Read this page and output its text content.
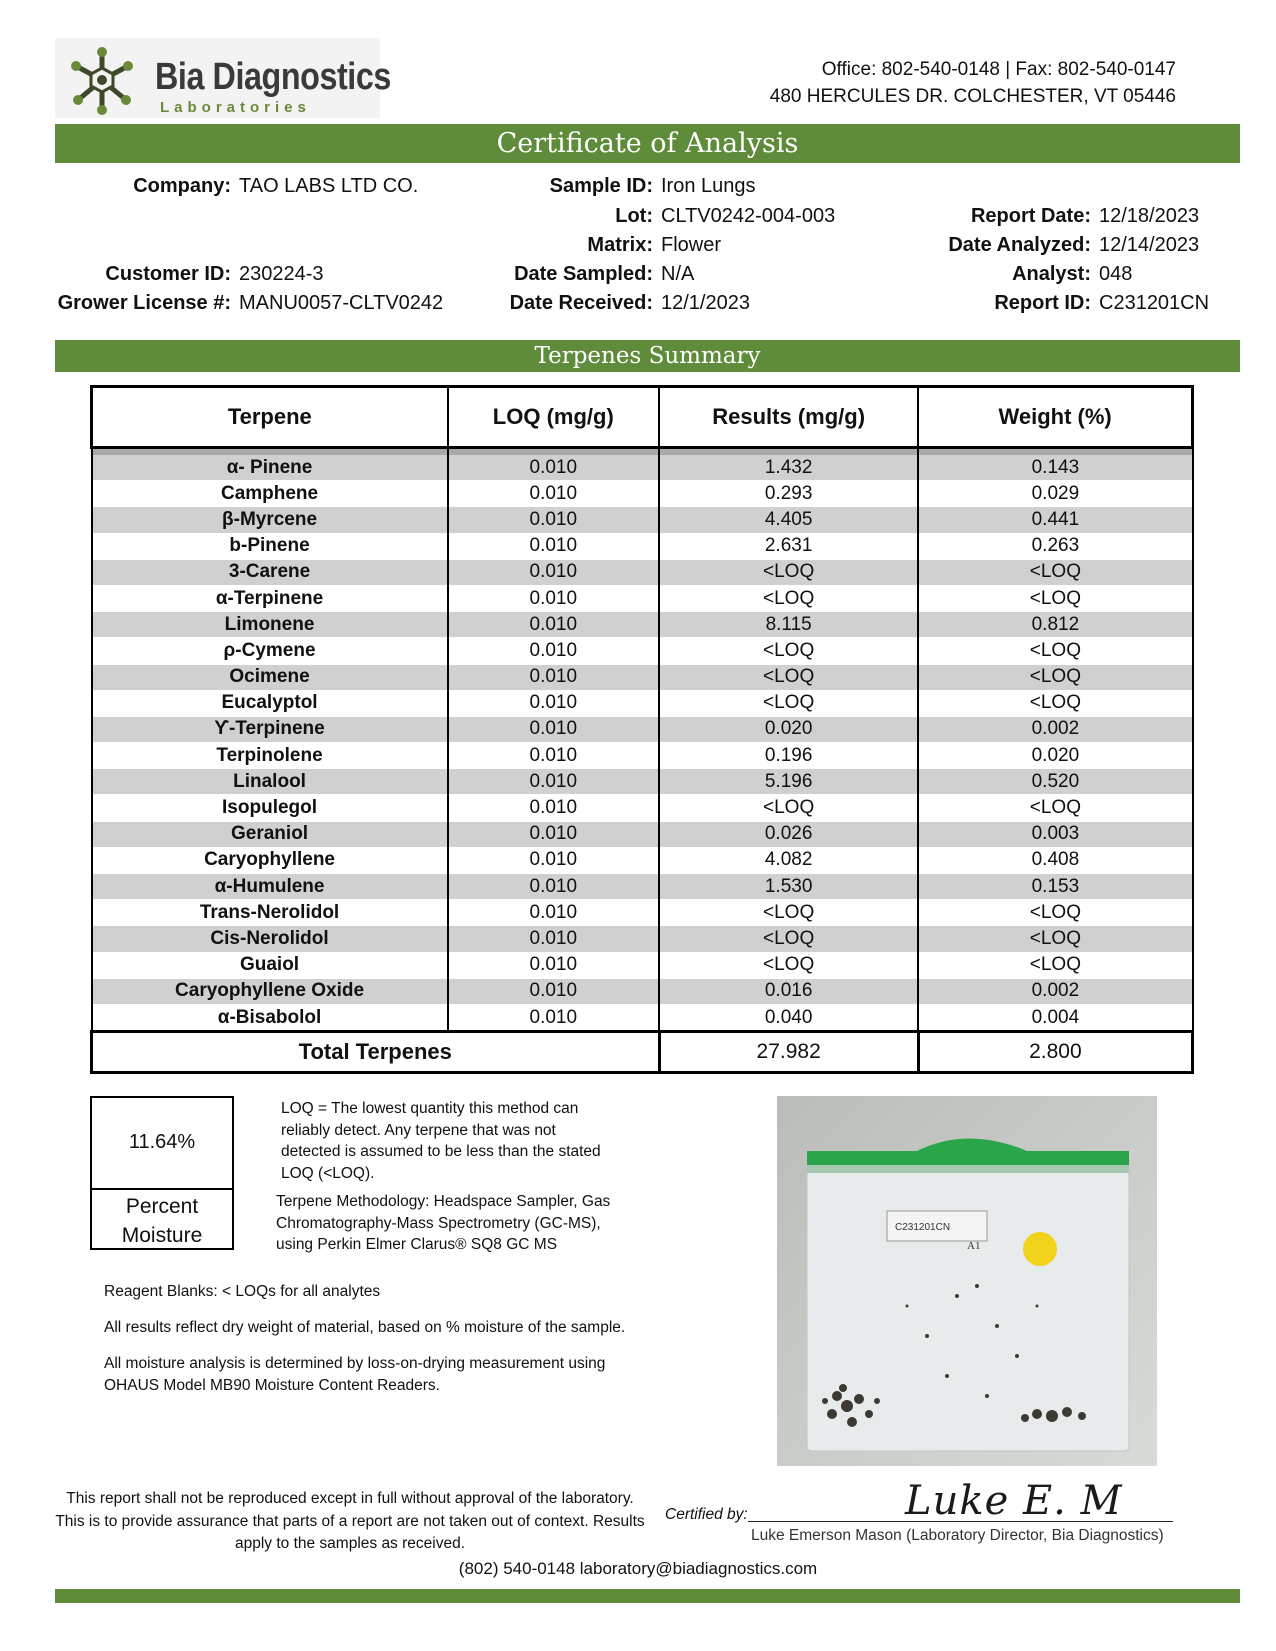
Bia Diagnostics
Laboratories
Office: 802-540-0148 | Fax: 802-540-0147
480 HERCULES DR. COLCHESTER, VT 05446
Certificate of Analysis
Company: TAO LABS LTD CO.
Customer ID: 230224-3
Grower License #: MANU0057-CLTV0242
Sample ID: Iron Lungs
Lot: CLTV0242-004-003
Matrix: Flower
Date Sampled: N/A
Date Received: 12/1/2023
Report Date: 12/18/2023
Date Analyzed: 12/14/2023
Analyst: 048
Report ID: C231201CN
Terpenes Summary
Terpene	LOQ (mg/g)	Results (mg/g)	Weight (%)

α- Pinene	0.010	1.432	0.143
Camphene	0.010	0.293	0.029
β-Myrcene	0.010	4.405	0.441
b-Pinene	0.010	2.631	0.263
3-Carene	0.010	<LOQ	<LOQ
α-Terpinene	0.010	<LOQ	<LOQ
Limonene	0.010	8.115	0.812
ρ-Cymene	0.010	<LOQ	<LOQ
Ocimene	0.010	<LOQ	<LOQ
Eucalyptol	0.010	<LOQ	<LOQ
ϒ-Terpinene	0.010	0.020	0.002
Terpinolene	0.010	0.196	0.020
Linalool	0.010	5.196	0.520
Isopulegol	0.010	<LOQ	<LOQ
Geraniol	0.010	0.026	0.003
Caryophyllene	0.010	4.082	0.408
α-Humulene	0.010	1.530	0.153
Trans-Nerolidol	0.010	<LOQ	<LOQ
Cis-Nerolidol	0.010	<LOQ	<LOQ
Guaiol	0.010	<LOQ	<LOQ
Caryophyllene Oxide	0.010	0.016	0.002
α-Bisabolol	0.010	0.040	0.004
Total Terpenes		27.982	2.800
11.64%
Percent
Moisture
LOQ = The lowest quantity this method can
reliably detect. Any terpene that was not
detected is assumed to be less than the stated
LOQ (<LOQ).
Terpene Methodology: Headspace Sampler, Gas
Chromatography-Mass Spectrometry (GC-MS),
using Perkin Elmer Clarus® SQ8 GC MS
Reagent Blanks: < LOQs for all analytes
All results reflect dry weight of material, based on % moisture of the sample.
All moisture analysis is determined by loss-on-drying measurement using
OHAUS Model MB90 Moisture Content Readers.
C231201CN
A1
This report shall not be reproduced except in full without approval of the laboratory.
This is to provide assurance that parts of a report are not taken out of context. Results
apply to the samples as received.
Certified by:	Luke E. M
Luke Emerson Mason (Laboratory Director, Bia Diagnostics)
(802) 540-0148 laboratory@biadiagnostics.com
